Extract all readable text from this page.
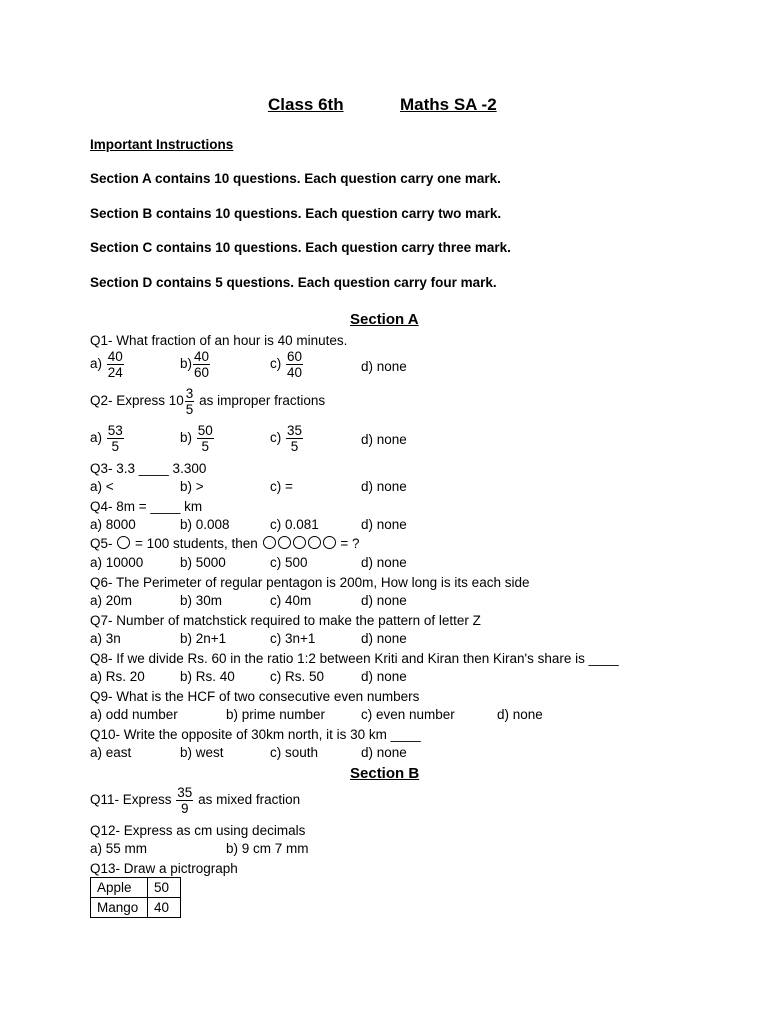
Class 6th	Maths SA -2
Important Instructions
Section A contains 10 questions. Each question carry one mark.
Section B contains 10 questions. Each question carry two mark.
Section C contains 10 questions. Each question carry three mark.
Section D contains 5 questions. Each question carry four mark.
Section A
Q1- What fraction of an hour is 40 minutes.
$a) \frac{40}{24}$	$b) \frac{40}{60}$	$c) \frac{60}{40}$	d) none
Q2- Express $10 \frac{3}{5}$ as improper fractions
$a) \frac{53}{5}$	$b) \frac{50}{5}$	$c) \frac{35}{5}$	d) none
Q3- 3.3 ____ 3.300
a) <	b) >	c) =	d) none
Q4- 8m = ____ km
a) 8000	b) 0.008	c) 0.081	d) none
Q5- = 100 students, then	= ?
a) 10000	b) 5000	c) 500	d) none
Q6- The Perimeter of regular pentagon is 200m, How long is its each side
a) 20m	b) 30m	c) 40m	d) none
Q7- Number of matchstick required to make the pattern of letter Z
a) 3n	b) 2n+1	c) 3n+1	d) none
Q8- If we divide Rs. 60 in the ratio 1:2 between Kriti and Kiran then Kiran's share is ____
a) Rs. 20	b) Rs. 40	c) Rs. 50	d) none
Q9- What is the HCF of two consecutive even numbers
a) odd number	b) prime number	c) even number	d) none
Q10- Write the opposite of 30km north, it is 30 km ____
a) east	b) west	c) south	d) none
Section B
Q11- Express $\frac{35}{9}$ as mixed fraction
Q12- Express as cm using decimals
a) 55 mm	b) 9 cm 7 mm
Q13- Draw a pictrograph
Apple	50
Mango	40
